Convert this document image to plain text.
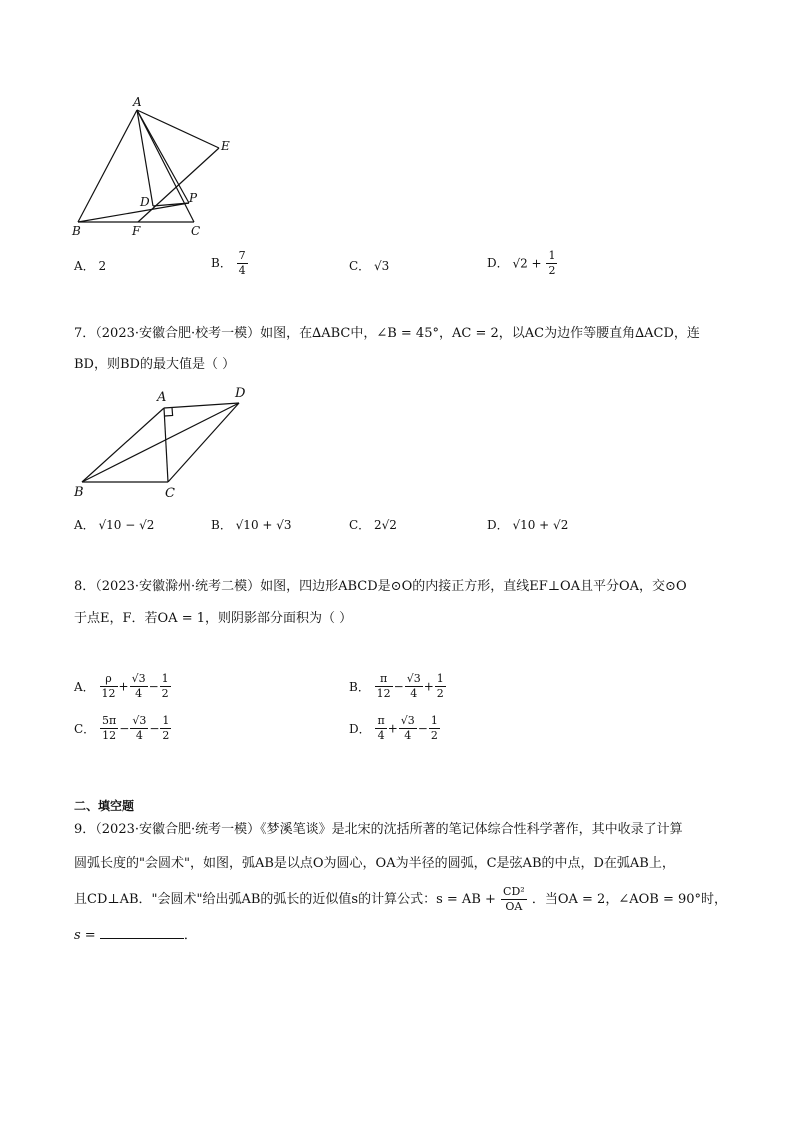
A
E
D	P
B	F	C
A． 2	B． $\frac{7}{4}$	C． √3	D． $√2 + \frac{1}{2}$
7．（2023·安徽合肥·校考一模）如图，在∆ABC中，∠B = 45°，AC = 2，以AC为边作等腰直角∆ACD，连
BD，则BD的最大值是（ ）
A	D
B	C
A． √10 − √2	B． √10 + √3	C． 2√2	D． √10 + √2
8．（2023·安徽滁州·统考二模）如图，四边形ABCD是⊙O的内接正方形，直线EF⊥OA且平分OA，交⊙O
于点E，F．若OA = 1，则阴影部分面积为（ ）
A． $\frac{\rho}{12} + \frac{√3}{4} - \frac{1}{2}$	B． $\frac{\pi}{12} - \frac{√3}{4} + \frac{1}{2}$
C． $\frac{5\pi}{12} - \frac{√3}{4} - \frac{1}{2}$	D． $\frac{\pi}{4} + \frac{√3}{4} - \frac{1}{2}$
二、填空题
9．（2023·安徽合肥·统考一模）《梦溪笔谈》是北宋的沈括所著的笔记体综合性科学著作，其中收录了计算
圆弧长度的"会圆术"，如图，弧AB是以点O为圆心，OA为半径的圆弧，C是弦AB的中点，D在弧AB上，
且CD⊥AB．"会圆术"给出弧AB的弧长的近似值s的计算公式：s = AB + $\frac{\text{CD²}}{OA}$ ．当OA = 2，∠AOB = 90°时，
s =	．
